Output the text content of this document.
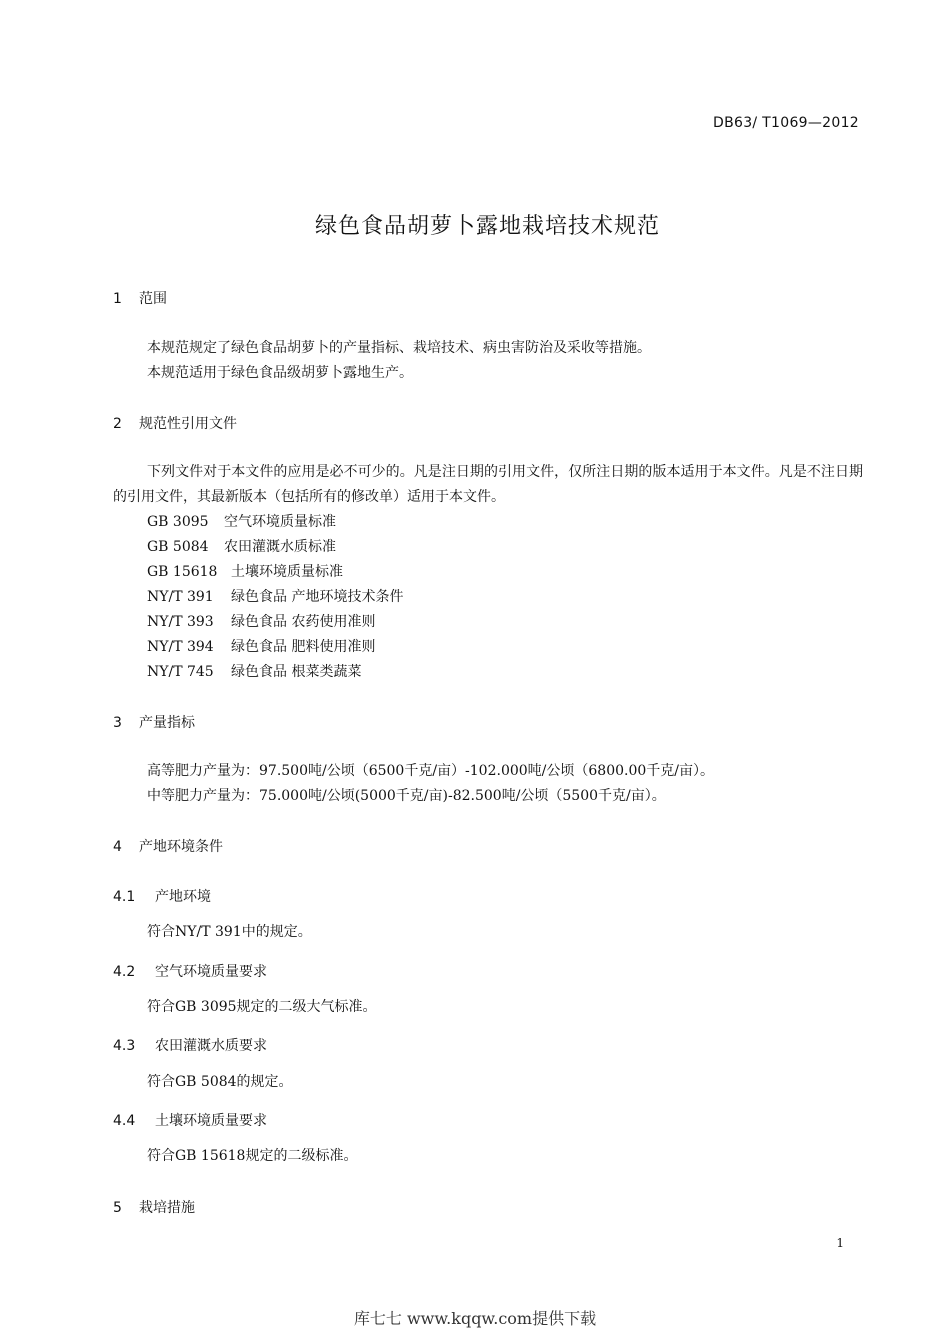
DB63/ T1069—2012
绿色食品胡萝卜露地栽培技术规范
1 范围
本规范规定了绿色食品胡萝卜的产量指标、栽培技术、病虫害防治及采收等措施。
本规范适用于绿色食品级胡萝卜露地生产。
2 规范性引用文件
下列文件对于本文件的应用是必不可少的。凡是注日期的引用文件，仅所注日期的版本适用于本文件。凡是不注日期的引用文件，其最新版本（包括所有的修改单）适用于本文件。
GB 3095 空气环境质量标准
GB 5084 农田灌溉水质标准
GB 15618 土壤环境质量标准
NY/T 391 绿色食品 产地环境技术条件
NY/T 393 绿色食品 农药使用准则
NY/T 394 绿色食品 肥料使用准则
NY/T 745 绿色食品 根菜类蔬菜
3 产量指标
高等肥力产量为：97.500吨/公顷（6500千克/亩）-102.000吨/公顷（6800.00千克/亩）。
中等肥力产量为：75.000吨/公顷(5000千克/亩)-82.500吨/公顷（5500千克/亩）。
4 产地环境条件
4.1 产地环境
符合NY/T 391中的规定。
4.2 空气环境质量要求
符合GB 3095规定的二级大气标准。
4.3 农田灌溉水质要求
符合GB 5084的规定。
4.4 土壤环境质量要求
符合GB 15618规定的二级标准。
5 栽培措施
1
库七七 www.kqqw.com提供下载
